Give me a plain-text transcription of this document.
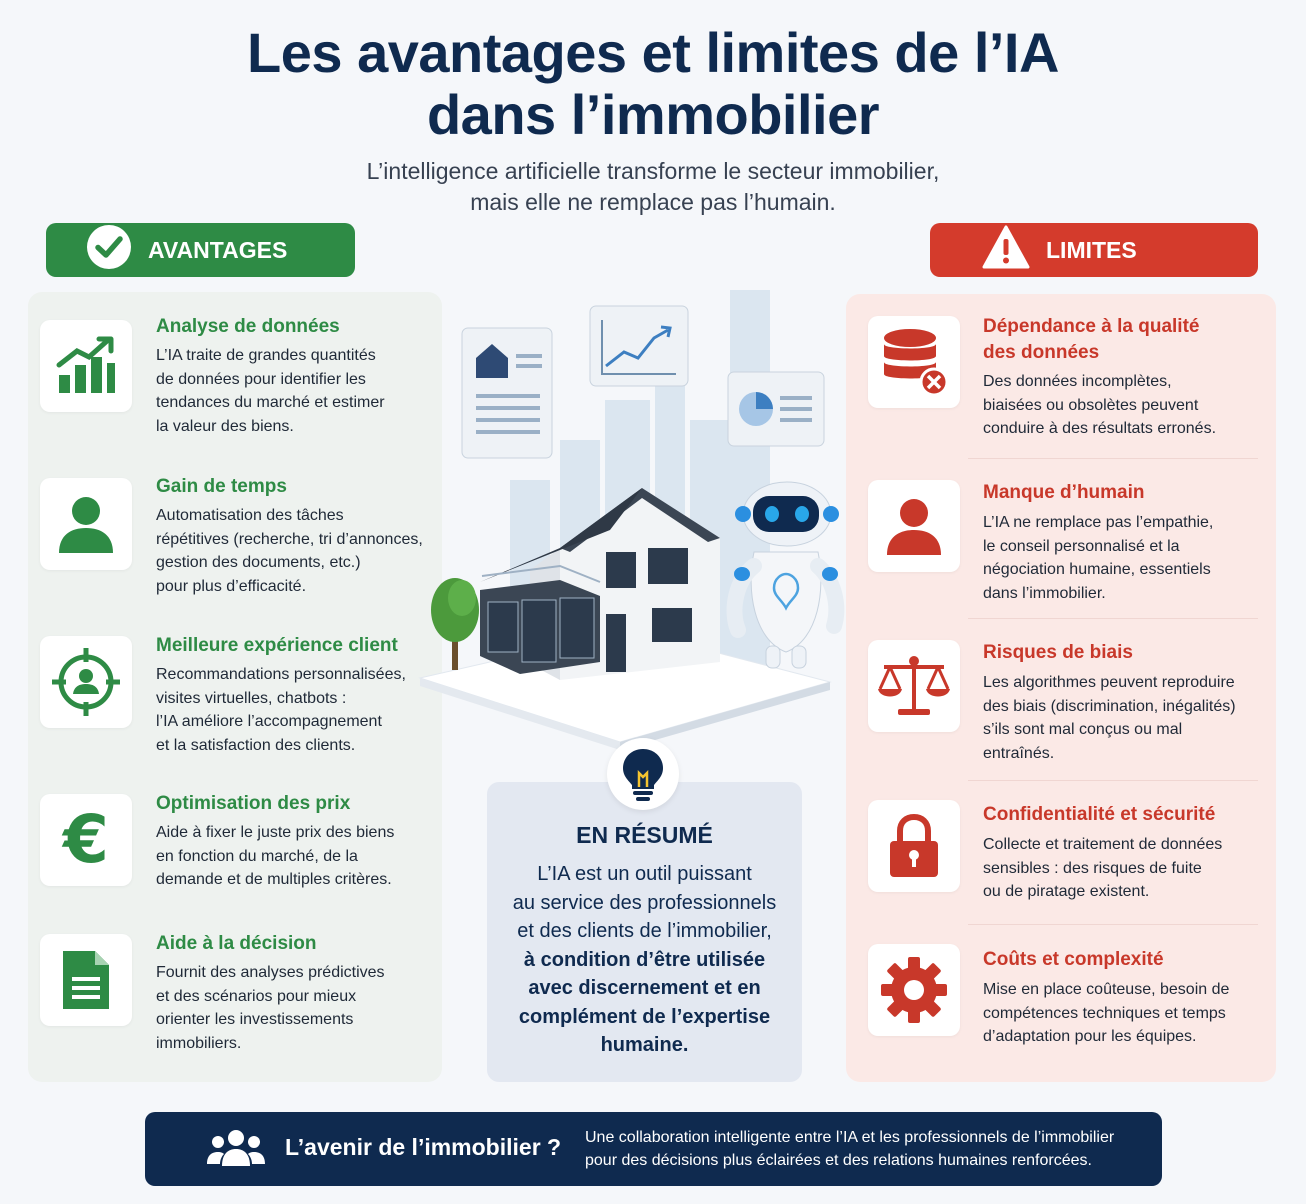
Les avantages et limites de l’IA
dans l’immobilier
L’intelligence artificielle transforme le secteur immobilier,
mais elle ne remplace pas l’humain.
AVANTAGES	LIMITES
Analyse de données
L’IA traite de grandes quantités
de données pour identifier les
tendances du marché et estimer
la valeur des biens.
Gain de temps
Automatisation des tâches
répétitives (recherche, tri d’annonces,
gestion des documents, etc.)
pour plus d’efficacité.
Meilleure expérience client
Recommandations personnalisées,
visites virtuelles, chatbots :
l’IA améliore l’accompagnement
et la satisfaction des clients.
€ Optimisation des prix
Aide à fixer le juste prix des biens
en fonction du marché, de la
demande et de multiples critères.
Aide à la décision
Fournit des analyses prédictives
et des scénarios pour mieux
orienter les investissements
immobiliers.
EN RÉSUMÉ
L’IA est un outil puissant
au service des professionnels
et des clients de l’immobilier,
à condition d’être utilisée
avec discernement et en
complément de l’expertise
humaine.
Dépendance à la qualité
des données
Des données incomplètes,
biaisées ou obsolètes peuvent
conduire à des résultats erronés.
Manque d’humain
L’IA ne remplace pas l’empathie,
le conseil personnalisé et la
négociation humaine, essentiels
dans l’immobilier.
Risques de biais
Les algorithmes peuvent reproduire
des biais (discrimination, inégalités)
s’ils sont mal conçus ou mal
entraînés.
Confidentialité et sécurité
Collecte et traitement de données
sensibles : des risques de fuite
ou de piratage existent.
Coûts et complexité
Mise en place coûteuse, besoin de
compétences techniques et temps
d’adaptation pour les équipes.
L’avenir de l’immobilier ? Une collaboration intelligente entre l’IA et les professionnels de l’immobilier
pour des décisions plus éclairées et des relations humaines renforcées.
